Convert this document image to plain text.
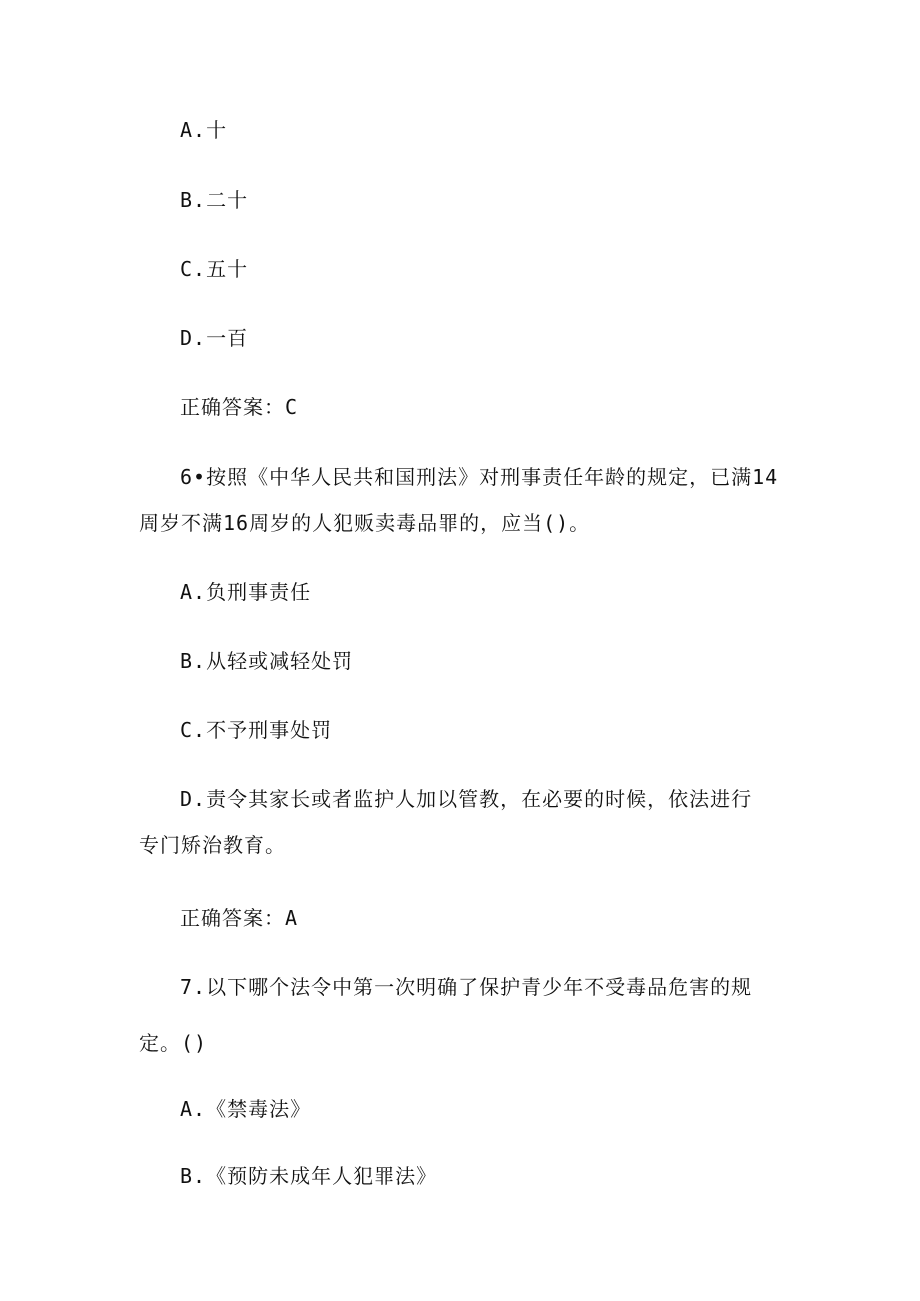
A.十
B.二十
C.五十
D.一百
正确答案：C
6•按照《中华人民共和国刑法》对刑事责任年龄的规定，已满14
周岁不满16周岁的人犯贩卖毒品罪的，应当()。
A.负刑事责任
B.从轻或减轻处罚
C.不予刑事处罚
D.责令其家长或者监护人加以管教，在必要的时候，依法进行
专门矫治教育。
正确答案：A
7.以下哪个法令中第一次明确了保护青少年不受毒品危害的规
定。()
A.《禁毒法》
B.《预防未成年人犯罪法》
